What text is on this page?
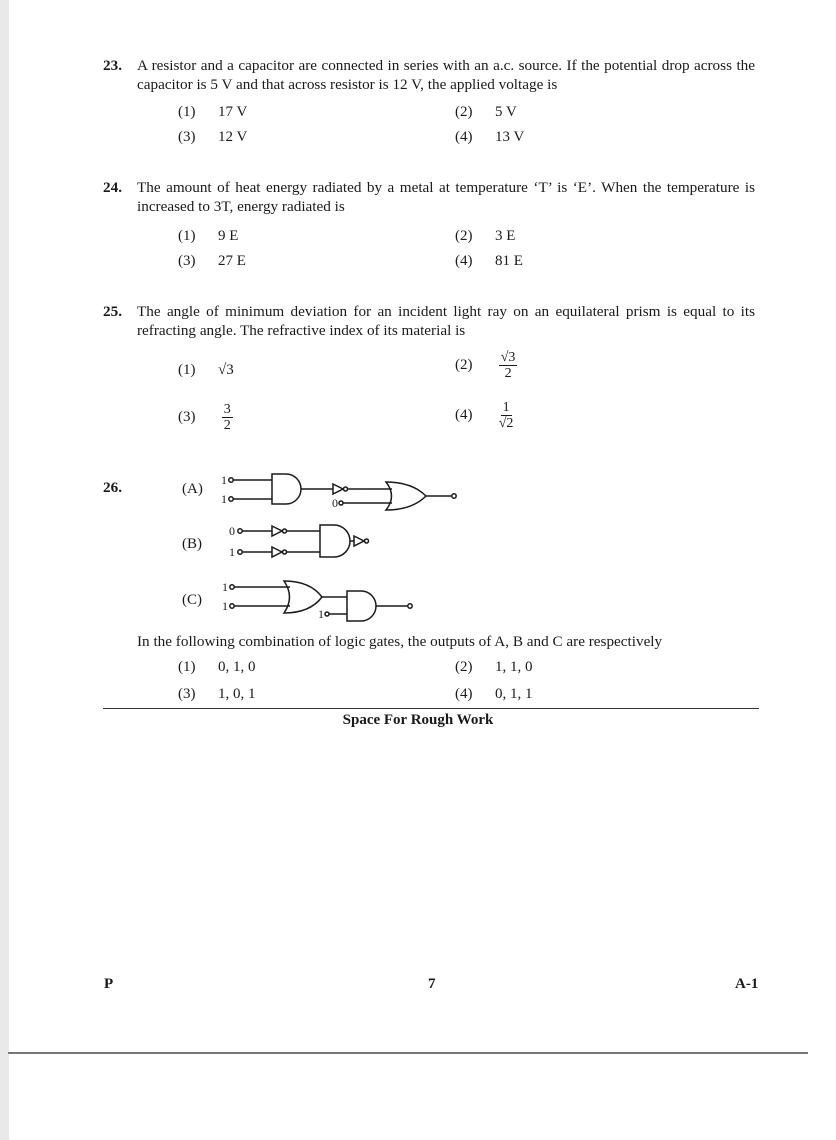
23. A resistor and a capacitor are connected in series with an a.c. source. If the potential drop across the capacitor is 5 V and that across resistor is 12 V, the applied voltage is
(1) 17 V	(2) 5 V
(3) 12 V	(4) 13 V
24. The amount of heat energy radiated by a metal at temperature ‘T’ is ‘E’. When the temperature is increased to 3T, energy radiated is
(1) 9 E	(2) 3 E
(3) 27 E	(4) 81 E
25. The angle of minimum deviation for an incident light ray on an equilateral prism is equal to its refracting angle. The refractive index of its material is
(1) √3	$(2) \frac{√3}{2}$
$(3) \frac{3}{2}$	$(4) \frac{1}{√2}$
26.	(A)
(B)
(C)
1
1	0
0
1
1
1
1
In the following combination of logic gates, the outputs of A, B and C are respectively
(1) 0, 1, 0	(2) 1, 1, 0
(3) 1, 0, 1	(4) 0, 1, 1
Space For Rough Work
P	7	A-1
